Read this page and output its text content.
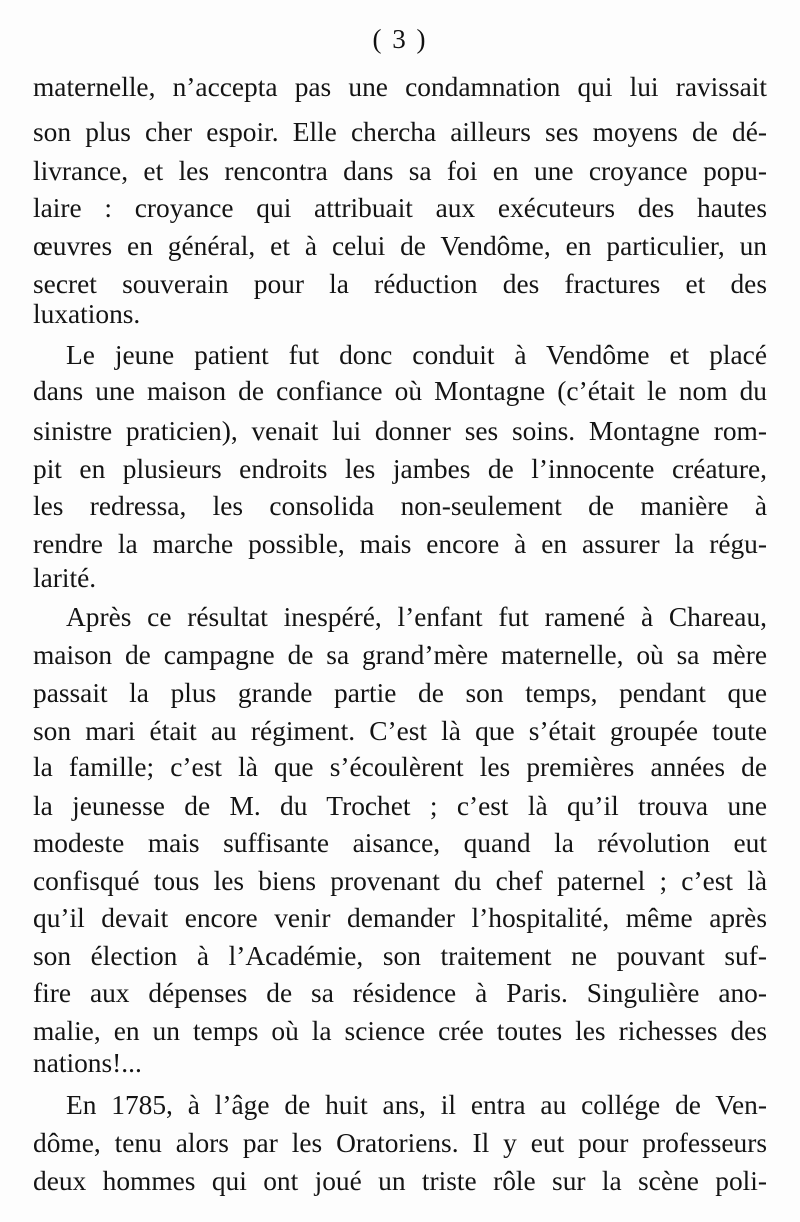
( 3 )
maternelle, n’accepta pas une condamnation qui lui ravissait
son plus cher espoir. Elle chercha ailleurs ses moyens de dé-
livrance, et les rencontra dans sa foi en une croyance popu-
laire : croyance qui attribuait aux exécuteurs des hautes
œuvres en général, et à celui de Vendôme, en particulier, un
secret souverain pour la réduction des fractures et des
luxations.
Le jeune patient fut donc conduit à Vendôme et placé
dans une maison de confiance où Montagne (c’était le nom du
sinistre praticien), venait lui donner ses soins. Montagne rom-
pit en plusieurs endroits les jambes de l’innocente créature,
les redressa, les consolida non-seulement de manière à
rendre la marche possible, mais encore à en assurer la régu-
larité.
Après ce résultat inespéré, l’enfant fut ramené à Chareau,
maison de campagne de sa grand’mère maternelle, où sa mère
passait la plus grande partie de son temps, pendant que
son mari était au régiment. C’est là que s’était groupée toute
la famille; c’est là que s’écoulèrent les premières années de
la jeunesse de M. du Trochet ; c’est là qu’il trouva une
modeste mais suffisante aisance, quand la révolution eut
confisqué tous les biens provenant du chef paternel ; c’est là
qu’il devait encore venir demander l’hospitalité, même après
son élection à l’Académie, son traitement ne pouvant suf-
fire aux dépenses de sa résidence à Paris. Singulière ano-
malie, en un temps où la science crée toutes les richesses des
nations!...
En 1785, à l’âge de huit ans, il entra au collége de Ven-
dôme, tenu alors par les Oratoriens. Il y eut pour professeurs
deux hommes qui ont joué un triste rôle sur la scène poli-
